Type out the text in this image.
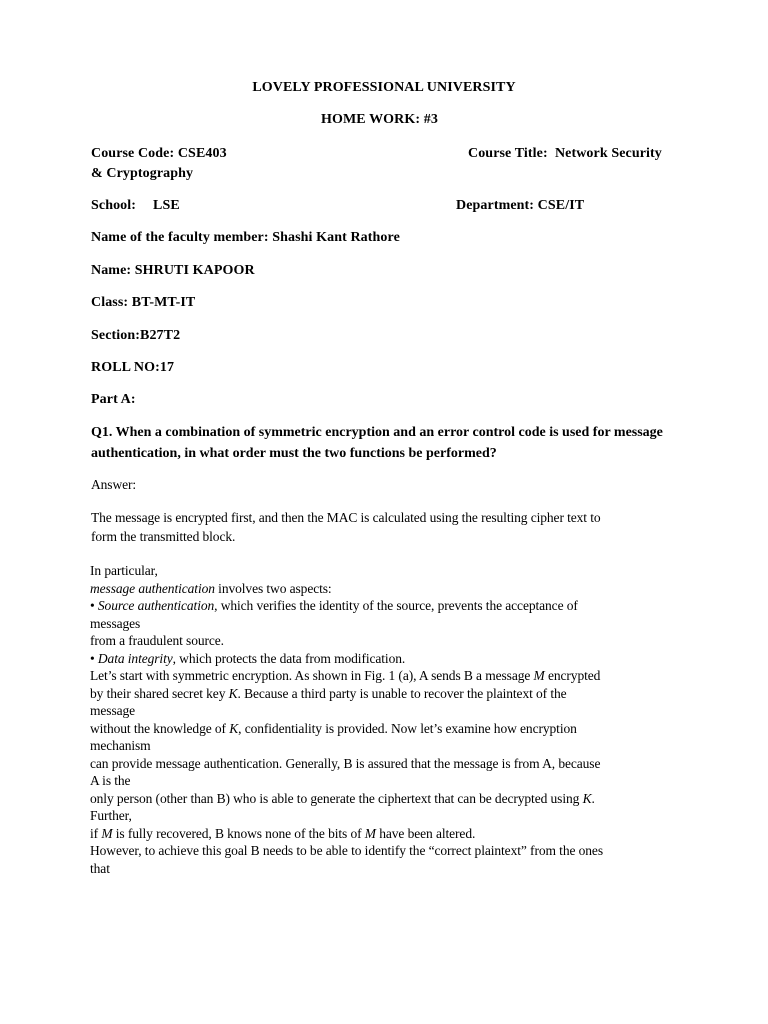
LOVELY PROFESSIONAL UNIVERSITY
HOME WORK: #3
Course Code: CSE403	Course Title: Network Security
& Cryptography
School: LSE	Department: CSE/IT
Name of the faculty member: Shashi Kant Rathore
Name: SHRUTI KAPOOR
Class: BT-MT-IT
Section:B27T2
ROLL NO:17
Part A:
Q1. When a combination of symmetric encryption and an error control code is used for message authentication, in what order must the two functions be performed?
Answer:
The message is encrypted first, and then the MAC is calculated using the resulting cipher text to
form the transmitted block.
In particular,
message authentication involves two aspects:
• Source authentication, which verifies the identity of the source, prevents the acceptance of
messages
from a fraudulent source.
• Data integrity, which protects the data from modification.
Let’s start with symmetric encryption. As shown in Fig. 1 (a), A sends B a message M encrypted
by their shared secret key K. Because a third party is unable to recover the plaintext of the
message
without the knowledge of K, confidentiality is provided. Now let’s examine how encryption
mechanism
can provide message authentication. Generally, B is assured that the message is from A, because
A is the
only person (other than B) who is able to generate the ciphertext that can be decrypted using K.
Further,
if M is fully recovered, B knows none of the bits of M have been altered.
However, to achieve this goal B needs to be able to identify the “correct plaintext” from the ones
that
